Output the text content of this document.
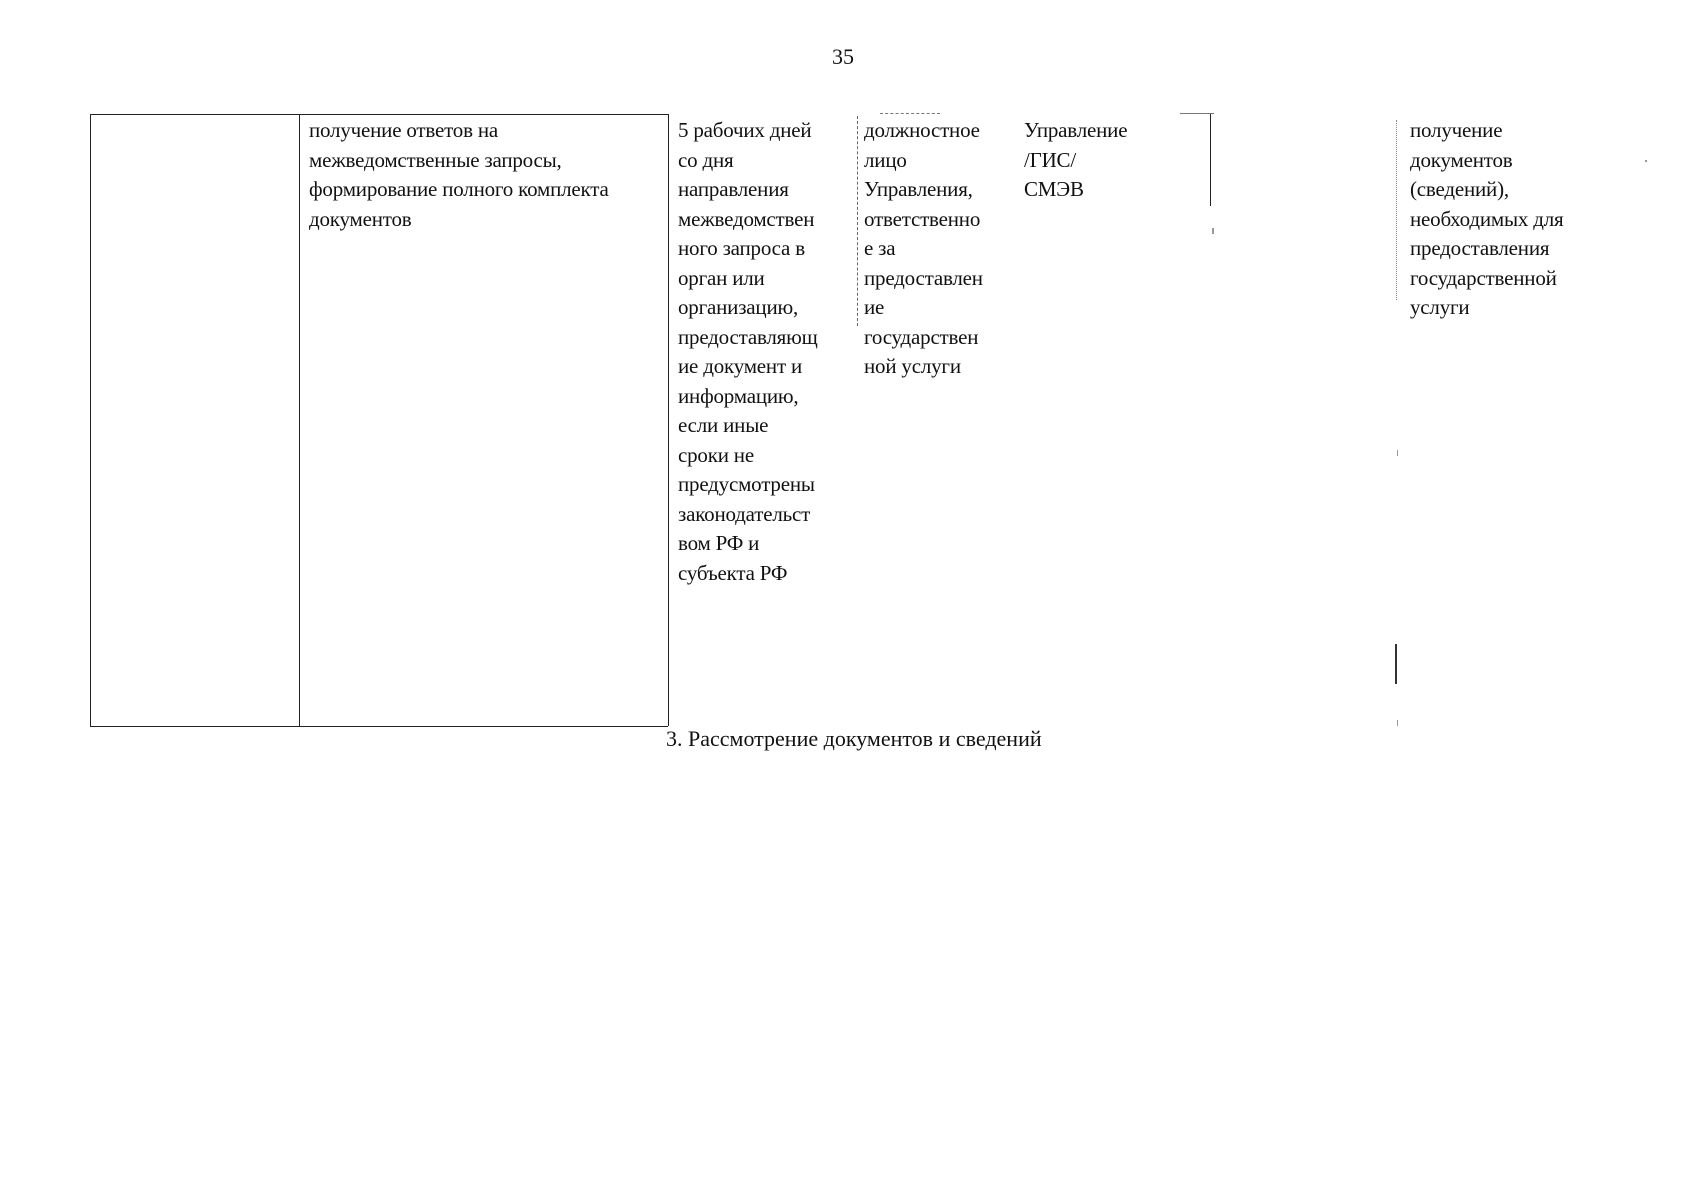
35
получение ответов на
межведомственные запросы,
формирование полного комплекта
документов
5 рабочих дней
со дня
направления
межведомствен
ного запроса в
орган или
организацию,
предоставляющ
ие документ и
информацию,
если иные
сроки не
предусмотрены
законодательст
вом РФ и
субъекта РФ
должностное
лицо
Управления,
ответственно
е за
предоставлен
ие
государствен
ной услуги
Управление
/ГИС/
СМЭВ
получение
документов
(сведений),
необходимых для
предоставления
государственной
услуги
3. Рассмотрение документов и сведений
